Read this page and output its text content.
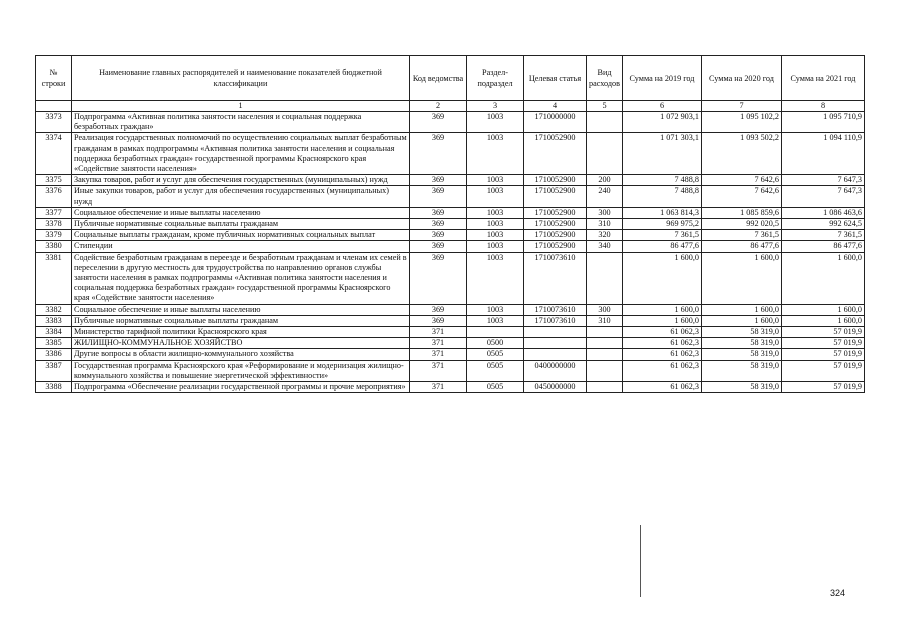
№ строки	Наименование главных распорядителей и наименование показателей бюджетной классификации	Код ведомства	Раздел-подраздел	Целевая статья	Вид расходов	Сумма на 2019 год	Сумма на 2020 год	Сумма на 2021 год
	1	2	3	4	5	6	7	8
3373	Подпрограмма «Активная политика занятости населения и социальная поддержка безработных граждан»	369	1003	1710000000		1 072 903,1	1 095 102,2	1 095 710,9
3374	Реализация государственных полномочий по осуществлению социальных выплат безработным гражданам в рамках подпрограммы «Активная политика занятости населения и социальная поддержка безработных граждан» государственной программы Красноярского края «Содействие занятости населения»	369	1003	1710052900		1 071 303,1	1 093 502,2	1 094 110,9
3375	Закупка товаров, работ и услуг для обеспечения государственных (муниципальных) нужд	369	1003	1710052900	200	7 488,8	7 642,6	7 647,3
3376	Иные закупки товаров, работ и услуг для обеспечения государственных (муниципальных) нужд	369	1003	1710052900	240	7 488,8	7 642,6	7 647,3
3377	Социальное обеспечение и иные выплаты населению	369	1003	1710052900	300	1 063 814,3	1 085 859,6	1 086 463,6
3378	Публичные нормативные социальные выплаты гражданам	369	1003	1710052900	310	969 975,2	992 020,5	992 624,5
3379	Социальные выплаты гражданам, кроме публичных нормативных социальных выплат	369	1003	1710052900	320	7 361,5	7 361,5	7 361,5
3380	Стипендии	369	1003	1710052900	340	86 477,6	86 477,6	86 477,6
3381	Содействие безработным гражданам в переезде и безработным гражданам и членам их семей в переселении в другую местность для трудоустройства по направлению органов службы занятости населения в рамках подпрограммы «Активная политика занятости населения и социальная поддержка безработных граждан» государственной программы Красноярского края «Содействие занятости населения»	369	1003	1710073610		1 600,0	1 600,0	1 600,0
3382	Социальное обеспечение и иные выплаты населению	369	1003	1710073610	300	1 600,0	1 600,0	1 600,0
3383	Публичные нормативные социальные выплаты гражданам	369	1003	1710073610	310	1 600,0	1 600,0	1 600,0
3384	Министерство тарифной политики Красноярского края	371				61 062,3	58 319,0	57 019,9
3385	ЖИЛИЩНО-КОММУНАЛЬНОЕ ХОЗЯЙСТВО	371	0500			61 062,3	58 319,0	57 019,9
3386	Другие вопросы в области жилищно-коммунального хозяйства	371	0505			61 062,3	58 319,0	57 019,9
3387	Государственная программа Красноярского края «Реформирование и модернизация жилищно-коммунального хозяйства и повышение энергетической эффективности»	371	0505	0400000000		61 062,3	58 319,0	57 019,9
3388	Подпрограмма «Обеспечение реализации государственной программы и прочие мероприятия»	371	0505	0450000000		61 062,3	58 319,0	57 019,9
324
